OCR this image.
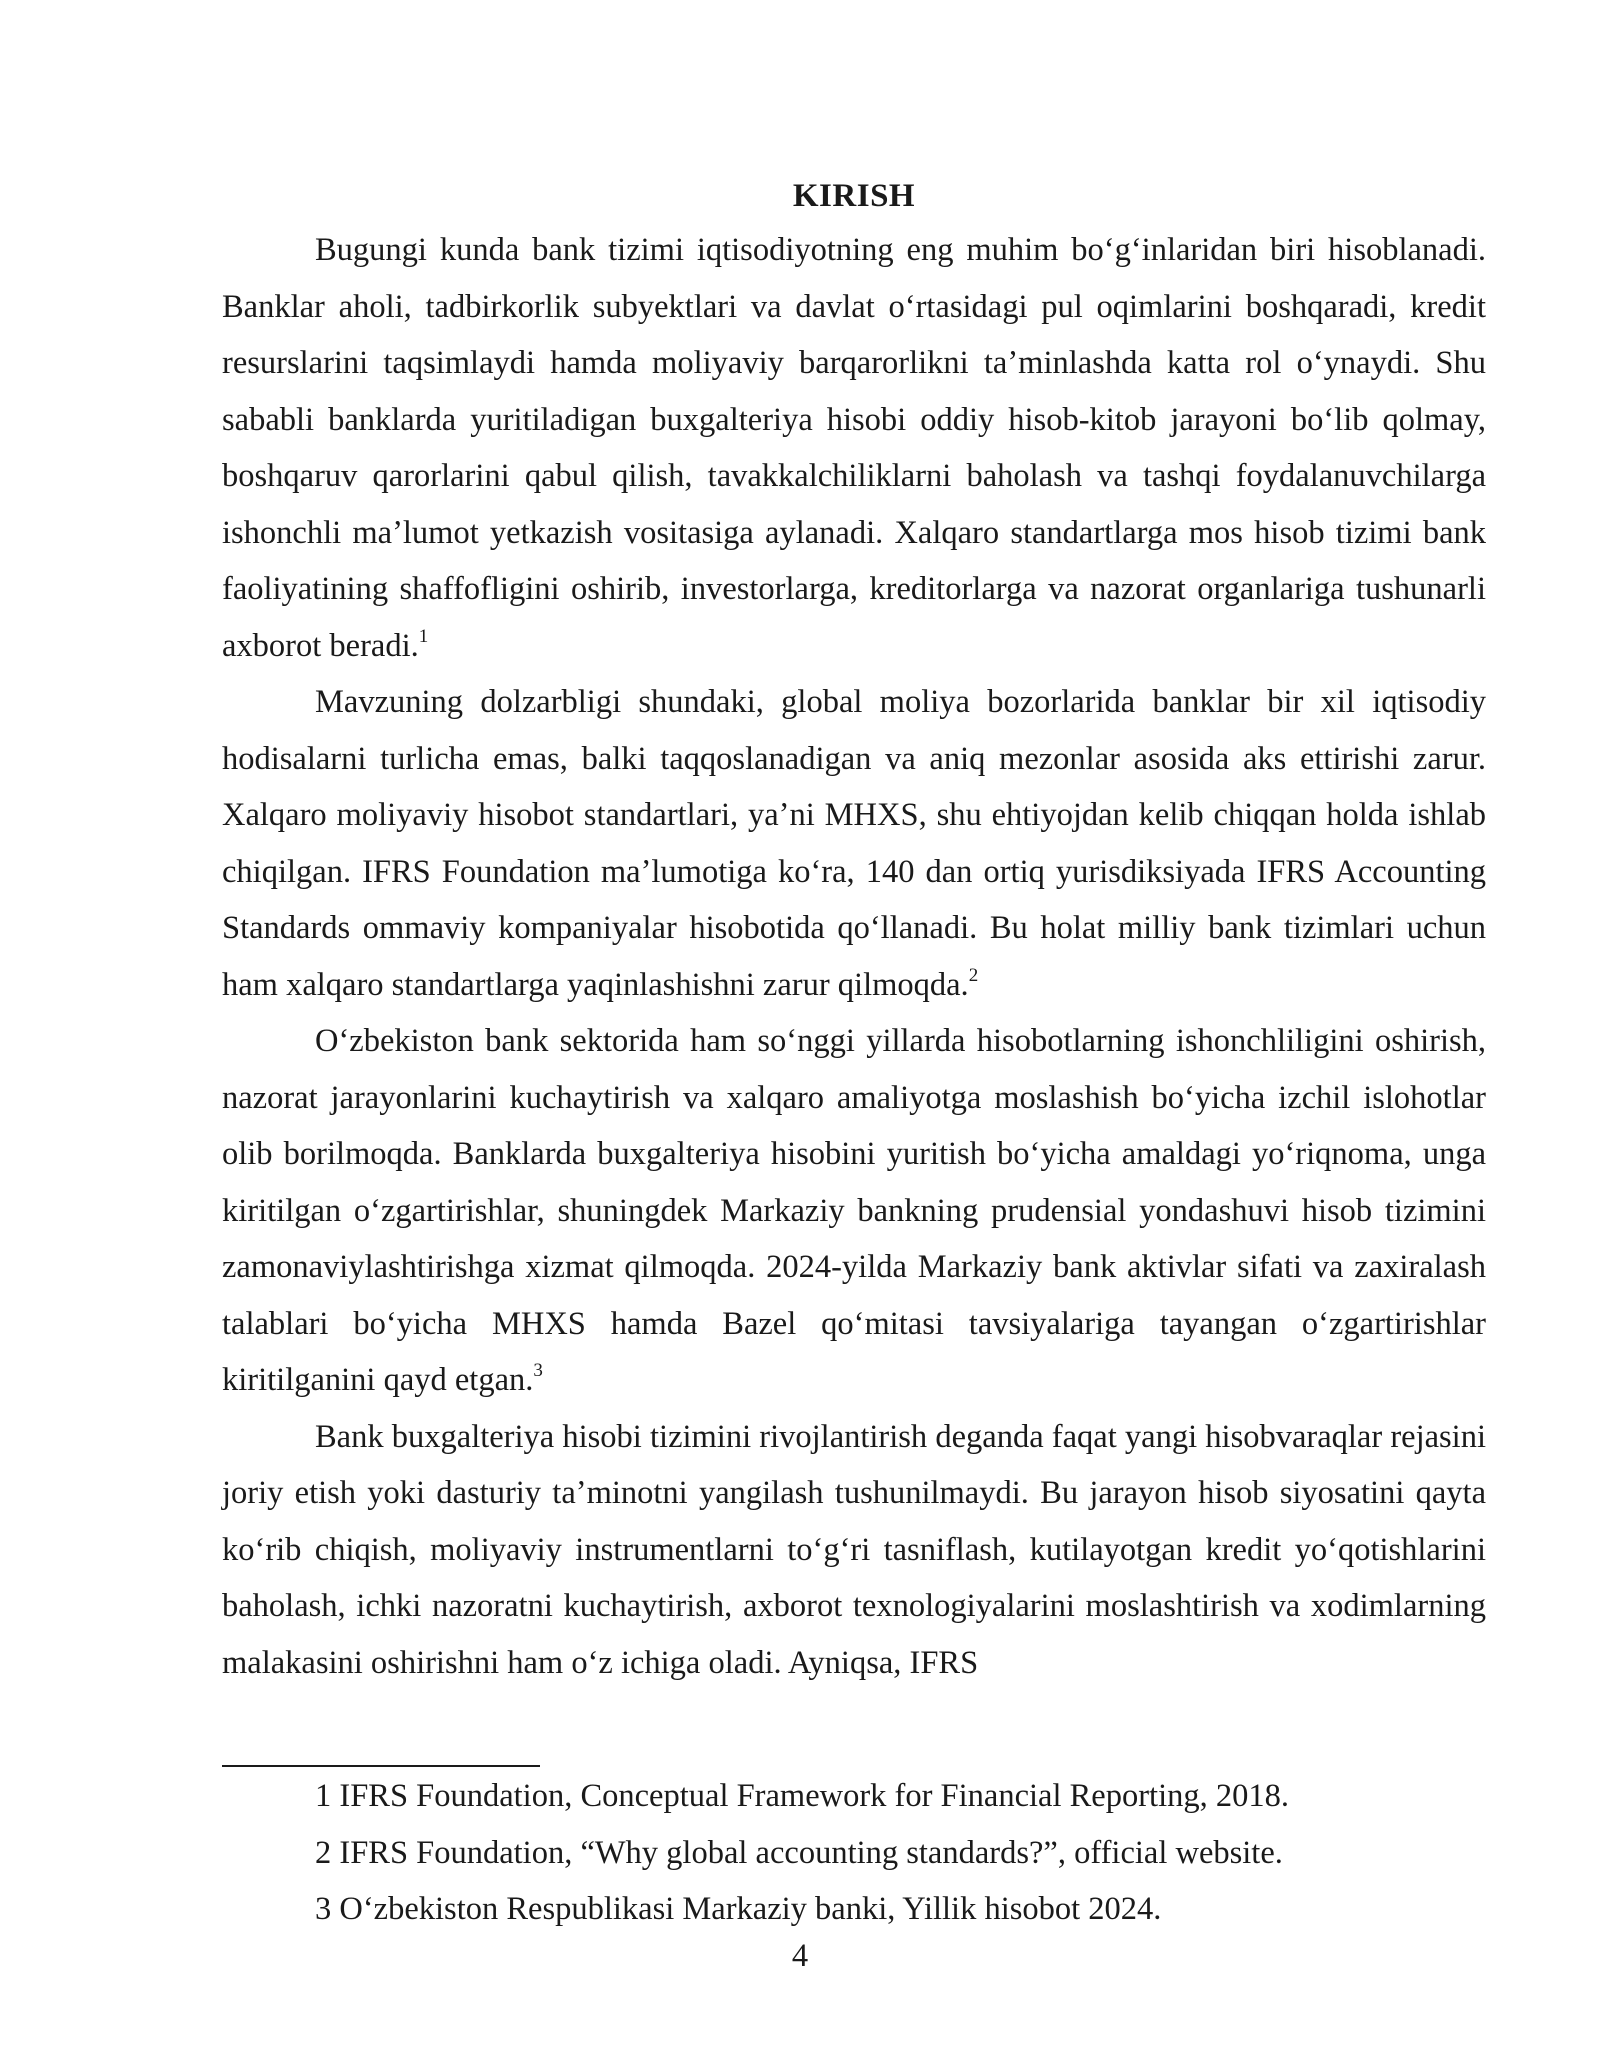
KIRISH

Bugungi kunda bank tizimi iqtisodiyotning eng muhim boʻgʻinlaridan biri hisoblanadi. Banklar aholi, tadbirkorlik subyektlari va davlat oʻrtasidagi pul oqimlarini boshqaradi, kredit resurslarini taqsimlaydi hamda moliyaviy barqarorlikni taʼminlashda katta rol oʻynaydi. Shu sababli banklarda yuritiladigan buxgalteriya hisobi oddiy hisob-kitob jarayoni boʻlib qolmay, boshqaruv qarorlarini qabul qilish, tavakkalchiliklarni baholash va tashqi foydalanuvchilarga ishonchli maʼlumot yetkazish vositasiga aylanadi. Xalqaro standartlarga mos hisob tizimi bank faoliyatining shaffofligini oshirib, investorlarga, kreditorlarga va nazorat organlariga tushunarli axborot beradi.$^1$

Mavzuning dolzarbligi shundaki, global moliya bozorlarida banklar bir xil iqtisodiy hodisalarni turlicha emas, balki taqqoslanadigan va aniq mezonlar asosida aks ettirishi zarur. Xalqaro moliyaviy hisobot standartlari, yaʼni MHXS, shu ehtiyojdan kelib chiqqan holda ishlab chiqilgan. IFRS Foundation maʼlumotiga koʻra, 140 dan ortiq yurisdiksiyada IFRS Accounting Standards ommaviy kompaniyalar hisobotida qoʻllanadi. Bu holat milliy bank tizimlari uchun ham xalqaro standartlarga yaqinlashishni zarur qilmoqda.$^2$

Oʻzbekiston bank sektorida ham soʻnggi yillarda hisobotlarning ishonchliligini oshirish, nazorat jarayonlarini kuchaytirish va xalqaro amaliyotga moslashish boʻyicha izchil islohotlar olib borilmoqda. Banklarda buxgalteriya hisobini yuritish boʻyicha amaldagi yoʻriqnoma, unga kiritilgan oʻzgartirishlar, shuningdek Markaziy bankning prudensial yondashuvi hisob tizimini zamonaviylashtirishga xizmat qilmoqda. 2024-yilda Markaziy bank aktivlar sifati va zaxiralash talablari boʻyicha MHXS hamda Bazel qoʻmitasi tavsiyalariga tayangan oʻzgartirishlar kiritilganini qayd etgan.$^3$

Bank buxgalteriya hisobi tizimini rivojlantirish deganda faqat yangi hisobvaraqlar rejasini joriy etish yoki dasturiy taʼminotni yangilash tushunilmaydi. Bu jarayon hisob siyosatini qayta koʻrib chiqish, moliyaviy instrumentlarni toʻgʻri tasniflash, kutilayotgan kredit yoʻqotishlarini baholash, ichki nazoratni kuchaytirish, axborot texnologiyalarini moslashtirish va xodimlarning malakasini oshirishni ham oʻz ichiga oladi. Ayniqsa, IFRS

1 IFRS Foundation, Conceptual Framework for Financial Reporting, 2018.

2 IFRS Foundation, “Why global accounting standards?”, official website.

3 Oʻzbekiston Respublikasi Markaziy banki, Yillik hisobot 2024.

4
